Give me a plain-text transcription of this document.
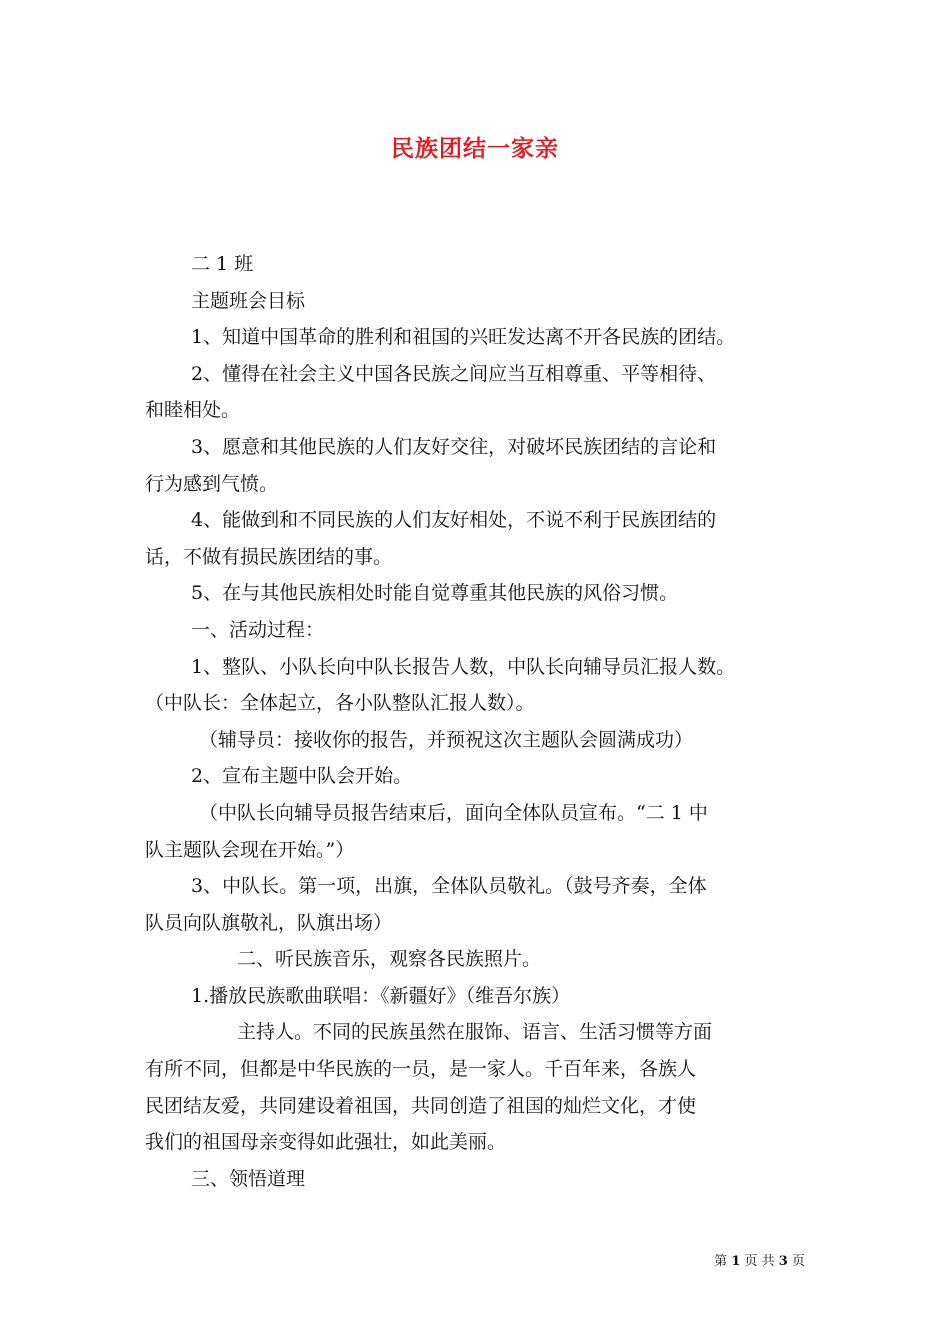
民族团结一家亲

二 1 班

主题班会目标

1、知道中国革命的胜利和祖国的兴旺发达离不开各民族的团结。

2、懂得在社会主义中国各民族之间应当互相尊重、平等相待、

和睦相处。

3、愿意和其他民族的人们友好交往，对破坏民族团结的言论和

行为感到气愤。

4、能做到和不同民族的人们友好相处，不说不利于民族团结的

话，不做有损民族团结的事。

5、在与其他民族相处时能自觉尊重其他民族的风俗习惯。

一、活动过程：

1、整队、小队长向中队长报告人数，中队长向辅导员汇报人数。

（中队长：全体起立，各小队整队汇报人数）。

（辅导员：接收你的报告，并预祝这次主题队会圆满成功）

2、宣布主题中队会开始。

（中队长向辅导员报告结束后，面向全体队员宣布。“二 1 中

队主题队会现在开始。”）

3、中队长。第一项，出旗，全体队员敬礼。（鼓号齐奏，全体

队员向队旗敬礼，队旗出场）

二、听民族音乐，观察各民族照片。

1.播放民族歌曲联唱：《新疆好》（维吾尔族）

主持人。不同的民族虽然在服饰、语言、生活习惯等方面

有所不同，但都是中华民族的一员，是一家人。千百年来，各族人

民团结友爱，共同建设着祖国，共同创造了祖国的灿烂文化，才使

我们的祖国母亲变得如此强壮，如此美丽。

三、领悟道理

第 1 页 共 3 页
